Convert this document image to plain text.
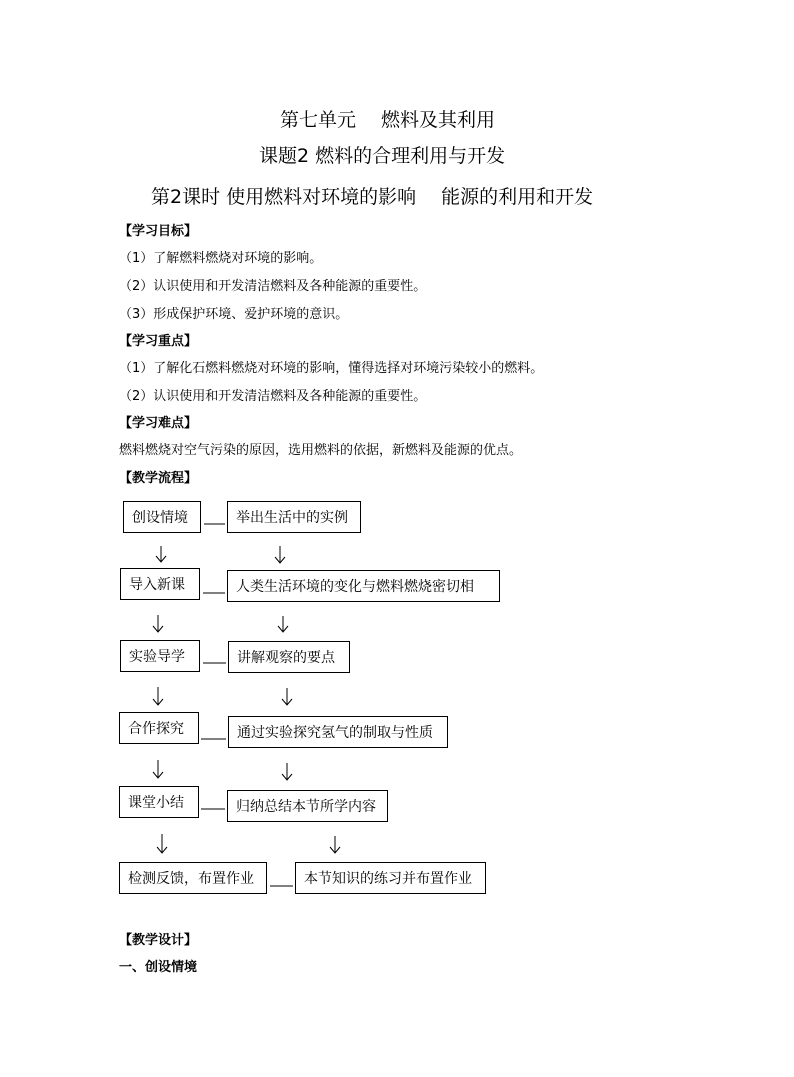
第七单元　 燃料及其利用
课题2 燃料的合理利用与开发
第2课时 使用燃料对环境的影响　 能源的利用和开发
【学习目标】
（1）了解燃料燃烧对环境的影响。
（2）认识使用和开发清洁燃料及各种能源的重要性。
（3）形成保护环境、爱护环境的意识。
【学习重点】
（1）了解化石燃料燃烧对环境的影响，懂得选择对环境污染较小的燃料。
（2）认识使用和开发清洁燃料及各种能源的重要性。
【学习难点】
燃料燃烧对空气污染的原因，选用燃料的依据，新燃料及能源的优点。
【教学流程】
创设情境
导入新课
实验导学
合作探究
课堂小结
检测反馈，布置作业
举出生活中的实例
人类生活环境的变化与燃料燃烧密切相
讲解观察的要点
通过实验探究氢气的制取与性质
归纳总结本节所学内容
本节知识的练习并布置作业
【教学设计】
一、创设情境
